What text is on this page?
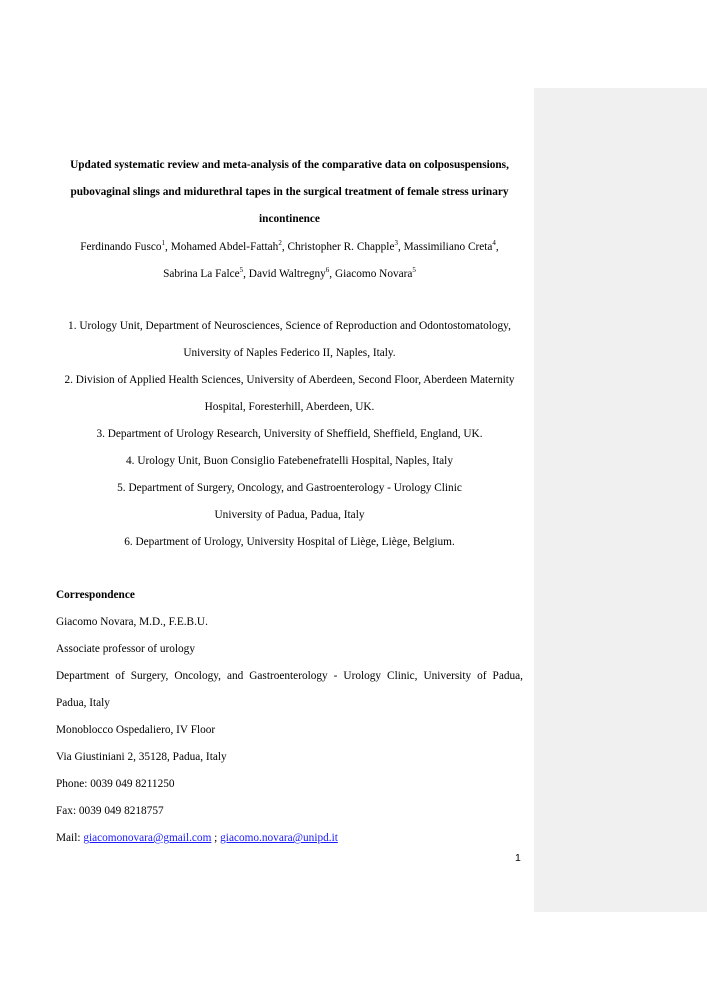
Updated systematic review and meta-analysis of the comparative data on colposuspensions, pubovaginal slings and midurethral tapes in the surgical treatment of female stress urinary incontinence
Ferdinando Fusco$^1$, Mohamed Abdel-Fattah$^2$, Christopher R. Chapple$^3$, Massimiliano Creta$^4$,
Sabrina La Falce$^5$, David Waltregny$^6$, Giacomo Novara$^5$
1. Urology Unit, Department of Neurosciences, Science of Reproduction and Odontostomatology,
University of Naples Federico II, Naples, Italy.
2. Division of Applied Health Sciences, University of Aberdeen, Second Floor, Aberdeen Maternity
Hospital, Foresterhill, Aberdeen, UK.
3. Department of Urology Research, University of Sheffield, Sheffield, England, UK.
4. Urology Unit, Buon Consiglio Fatebenefratelli Hospital, Naples, Italy
5. Department of Surgery, Oncology, and Gastroenterology - Urology Clinic
University of Padua, Padua, Italy
6. Department of Urology, University Hospital of Liège, Liège, Belgium.
Correspondence
Giacomo Novara, M.D., F.E.B.U.
Associate professor of urology
Department of Surgery, Oncology, and Gastroenterology - Urology Clinic, University of Padua,
Padua, Italy
Monoblocco Ospedaliero, IV Floor
Via Giustiniani 2, 35128, Padua, Italy
Phone: 0039 049 8211250
Fax: 0039 049 8218757
Mail: giacomonovara@gmail.com ; giacomo.novara@unipd.it
1
